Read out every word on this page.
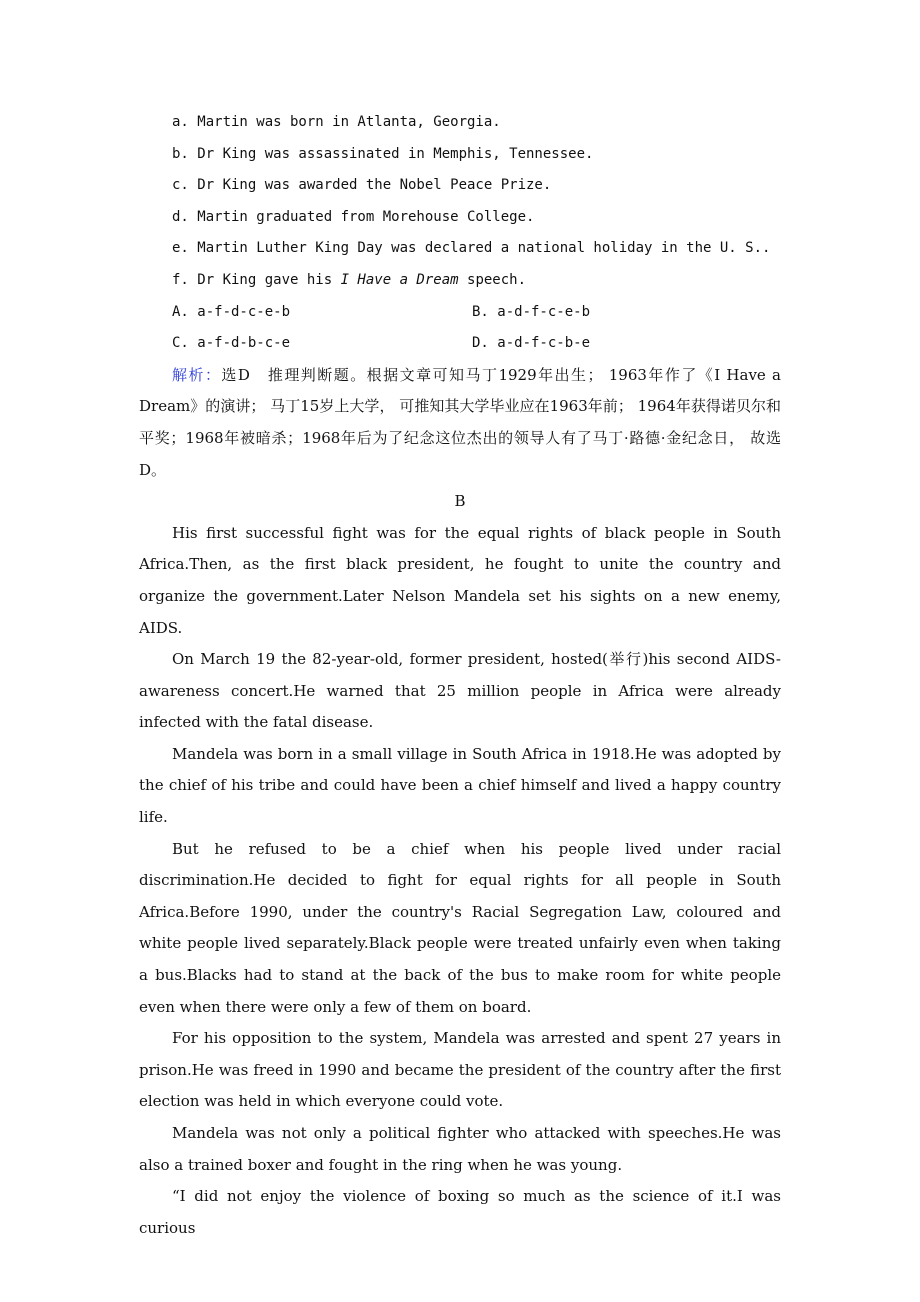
a. Martin was born in Atlanta, Georgia.
b. Dr King was assassinated in Memphis, Tennessee.
c. Dr King was awarded the Nobel Peace Prize.
d. Martin graduated from Morehouse College.
e. Martin Luther King Day was declared a national holiday in the U. S..
f. Dr King gave his I Have a Dream speech.
A. a-f-d-c-e-b	B. a-d-f-c-e-b
C. a-f-d-b-c-e	D. a-d-f-c-b-e

解析：选D　推理判断题。根据文章可知马丁1929年出生； 1963年作了《I Have a Dream》的演讲； 马丁15岁上大学， 可推知其大学毕业应在1963年前； 1964年获得诺贝尔和平奖；1968年被暗杀；1968年后为了纪念这位杰出的领导人有了马丁·路德·金纪念日， 故选D。

B

His first successful fight was for the equal rights of black people in South Africa.Then, as the first black president, he fought to unite the country and organize the government.Later Nelson Mandela set his sights on a new enemy, AIDS.

On March 19 the 82-year-old, former president, hosted(举行)his second AIDS-awareness concert.He warned that 25 million people in Africa were already infected with the fatal disease.

Mandela was born in a small village in South Africa in 1918.He was adopted by the chief of his tribe and could have been a chief himself and lived a happy country life.

But he refused to be a chief when his people lived under racial discrimination.He decided to fight for equal rights for all people in South Africa.Before 1990, under the country's Racial Segregation Law, coloured and white people lived separately.Black people were treated unfairly even when taking a bus.Blacks had to stand at the back of the bus to make room for white people even when there were only a few of them on board.

For his opposition to the system, Mandela was arrested and spent 27 years in prison.He was freed in 1990 and became the president of the country after the first election was held in which everyone could vote.

Mandela was not only a political fighter who attacked with speeches.He was also a trained boxer and fought in the ring when he was young.

“I did not enjoy the violence of boxing so much as the science of it.I was curious
